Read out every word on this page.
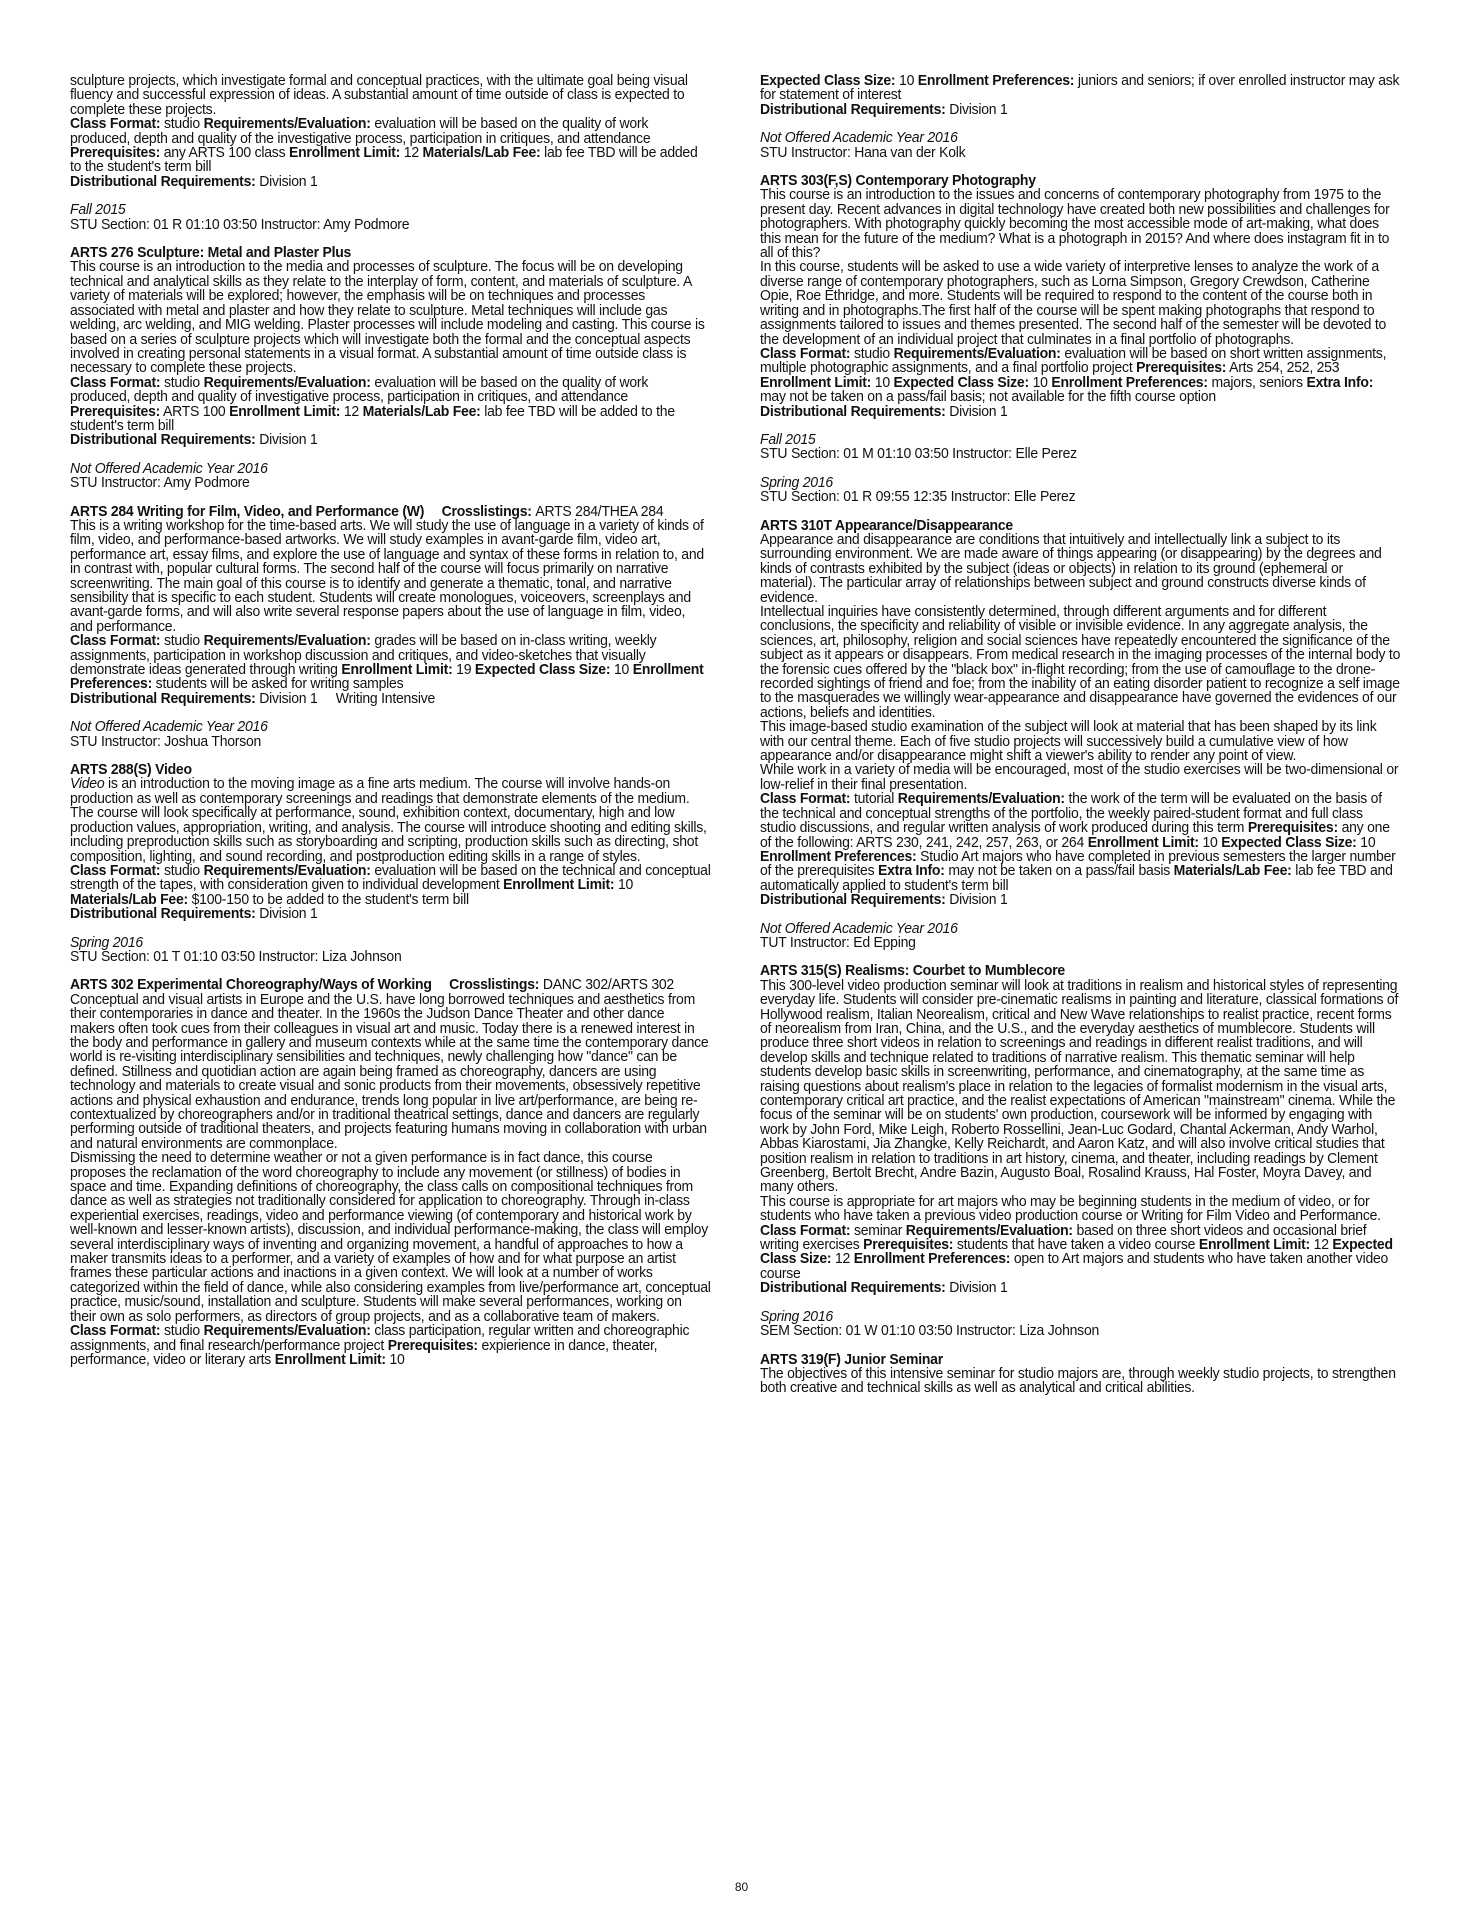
sculpture projects, which investigate formal and conceptual practices, with the ultimate goal being visual fluency and successful expression of ideas. A substantial amount of time outside of class is expected to complete these projects.

Class Format: studio Requirements/Evaluation: evaluation will be based on the quality of work produced, depth and quality of the investigative process, participation in critiques, and attendance Prerequisites: any ARTS 100 class Enrollment Limit: 12 Materials/Lab Fee: lab fee TBD will be added to the student's term bill

Distributional Requirements: Division 1

Fall 2015

STU Section: 01 R 01:10 03:50 Instructor: Amy Podmore

ARTS 276 Sculpture: Metal and Plaster Plus

This course is an introduction to the media and processes of sculpture. The focus will be on developing technical and analytical skills as they relate to the interplay of form, content, and materials of sculpture. A variety of materials will be explored; however, the emphasis will be on techniques and processes associated with metal and plaster and how they relate to sculpture. Metal techniques will include gas welding, arc welding, and MIG welding. Plaster processes will include modeling and casting. This course is based on a series of sculpture projects which will investigate both the formal and the conceptual aspects involved in creating personal statements in a visual format. A substantial amount of time outside class is necessary to complete these projects.

Class Format: studio Requirements/Evaluation: evaluation will be based on the quality of work produced, depth and quality of investigative process, participation in critiques, and attendance Prerequisites: ARTS 100 Enrollment Limit: 12 Materials/Lab Fee: lab fee TBD will be added to the student's term bill

Distributional Requirements: Division 1

Not Offered Academic Year 2016

STU Instructor: Amy Podmore

ARTS 284 Writing for Film, Video, and Performance (W)  Crosslistings: ARTS 284/THEA 284

This is a writing workshop for the time-based arts. We will study the use of language in a variety of kinds of film, video, and performance-based artworks. We will study examples in avant-garde film, video art, performance art, essay films, and explore the use of language and syntax of these forms in relation to, and in contrast with, popular cultural forms. The second half of the course will focus primarily on narrative screenwriting. The main goal of this course is to identify and generate a thematic, tonal, and narrative sensibility that is specific to each student. Students will create monologues, voiceovers, screenplays and avant-garde forms, and will also write several response papers about the use of language in film, video, and performance.

Class Format: studio Requirements/Evaluation: grades will be based on in-class writing, weekly assignments, participation in workshop discussion and critiques, and video-sketches that visually demonstrate ideas generated through writing Enrollment Limit: 19 Expected Class Size: 10 Enrollment Preferences: students will be asked for writing samples

Distributional Requirements: Division 1     Writing Intensive

Not Offered Academic Year 2016

STU Instructor: Joshua Thorson

ARTS 288(S) Video

Video is an introduction to the moving image as a fine arts medium. The course will involve hands-on production as well as contemporary screenings and readings that demonstrate elements of the medium. The course will look specifically at performance, sound, exhibition context, documentary, high and low production values, appropriation, writing, and analysis. The course will introduce shooting and editing skills, including preproduction skills such as storyboarding and scripting, production skills such as directing, shot composition, lighting, and sound recording, and postproduction editing skills in a range of styles.

Class Format: studio Requirements/Evaluation: evaluation will be based on the technical and conceptual strength of the tapes, with consideration given to individual development Enrollment Limit: 10 Materials/Lab Fee: $100-150 to be added to the student's term bill

Distributional Requirements: Division 1

Spring 2016

STU Section: 01 T 01:10 03:50 Instructor: Liza Johnson

ARTS 302 Experimental Choreography/Ways of Working  Crosslistings: DANC 302/ARTS 302

Conceptual and visual artists in Europe and the U.S. have long borrowed techniques and aesthetics from their contemporaries in dance and theater. In the 1960s the Judson Dance Theater and other dance makers often took cues from their colleagues in visual art and music. Today there is a renewed interest in the body and performance in gallery and museum contexts while at the same time the contemporary dance world is re-visiting interdisciplinary sensibilities and techniques, newly challenging how "dance" can be defined. Stillness and quotidian action are again being framed as choreography, dancers are using technology and materials to create visual and sonic products from their movements, obsessively repetitive actions and physical exhaustion and endurance, trends long popular in live art/performance, are being re-contextualized by choreographers and/or in traditional theatrical settings, dance and dancers are regularly performing outside of traditional theaters, and projects featuring humans moving in collaboration with urban and natural environments are commonplace.

Dismissing the need to determine weather or not a given performance is in fact dance, this course proposes the reclamation of the word choreography to include any movement (or stillness) of bodies in space and time. Expanding definitions of choreography, the class calls on compositional techniques from dance as well as strategies not traditionally considered for application to choreography. Through in-class experiential exercises, readings, video and performance viewing (of contemporary and historical work by well-known and lesser-known artists), discussion, and individual performance-making, the class will employ several interdisciplinary ways of inventing and organizing movement, a handful of approaches to how a maker transmits ideas to a performer, and a variety of examples of how and for what purpose an artist frames these particular actions and inactions in a given context. We will look at a number of works categorized within the field of dance, while also considering examples from live/performance art, conceptual practice, music/sound, installation and sculpture. Students will make several performances, working on their own as solo performers, as directors of group projects, and as a collaborative team of makers.

Class Format: studio Requirements/Evaluation: class participation, regular written and choreographic assignments, and final research/performance project Prerequisites: expierience in dance, theater, performance, video or literary arts Enrollment Limit: 10

Expected Class Size: 10 Enrollment Preferences: juniors and seniors; if over enrolled instructor may ask for statement of interest

Distributional Requirements: Division 1

Not Offered Academic Year 2016

STU Instructor: Hana van der Kolk

ARTS 303(F,S) Contemporary Photography

This course is an introduction to the issues and concerns of contemporary photography from 1975 to the present day. Recent advances in digital technology have created both new possibilities and challenges for photographers. With photography quickly becoming the most accessible mode of art-making, what does this mean for the future of the medium? What is a photograph in 2015? And where does instagram fit in to all of this?

In this course, students will be asked to use a wide variety of interpretive lenses to analyze the work of a diverse range of contemporary photographers, such as Lorna Simpson, Gregory Crewdson, Catherine Opie, Roe Ethridge, and more. Students will be required to respond to the content of the course both in writing and in photographs.The first half of the course will be spent making photographs that respond to assignments tailored to issues and themes presented. The second half of the semester will be devoted to the development of an individual project that culminates in a final portfolio of photographs.

Class Format: studio Requirements/Evaluation: evaluation will be based on short written assignments, multiple photographic assignments, and a final portfolio project Prerequisites: Arts 254, 252, 253 Enrollment Limit: 10 Expected Class Size: 10 Enrollment Preferences: majors, seniors Extra Info: may not be taken on a pass/fail basis; not available for the fifth course option

Distributional Requirements: Division 1

Fall 2015

STU Section: 01 M 01:10 03:50 Instructor: Elle Perez

Spring 2016

STU Section: 01 R 09:55 12:35 Instructor: Elle Perez

ARTS 310T Appearance/Disappearance

Appearance and disappearance are conditions that intuitively and intellectually link a subject to its surrounding environment. We are made aware of things appearing (or disappearing) by the degrees and kinds of contrasts exhibited by the subject (ideas or objects) in relation to its ground (ephemeral or material). The particular array of relationships between subject and ground constructs diverse kinds of evidence.

Intellectual inquiries have consistently determined, through different arguments and for different conclusions, the specificity and reliability of visible or invisible evidence. In any aggregate analysis, the sciences, art, philosophy, religion and social sciences have repeatedly encountered the significance of the subject as it appears or disappears. From medical research in the imaging processes of the internal body to the forensic cues offered by the "black box" in-flight recording; from the use of camouflage to the drone-recorded sightings of friend and foe; from the inability of an eating disorder patient to recognize a self image to the masquerades we willingly wear-appearance and disappearance have governed the evidences of our actions, beliefs and identities.

This image-based studio examination of the subject will look at material that has been shaped by its link with our central theme. Each of five studio projects will successively build a cumulative view of how appearance and/or disappearance might shift a viewer's ability to render any point of view.

While work in a variety of media will be encouraged, most of the studio exercises will be two-dimensional or low-relief in their final presentation.

Class Format: tutorial Requirements/Evaluation: the work of the term will be evaluated on the basis of the technical and conceptual strengths of the portfolio, the weekly paired-student format and full class studio discussions, and regular written analysis of work produced during this term Prerequisites: any one of the following: ARTS 230, 241, 242, 257, 263, or 264 Enrollment Limit: 10 Expected Class Size: 10 Enrollment Preferences: Studio Art majors who have completed in previous semesters the larger number of the prerequisites Extra Info: may not be taken on a pass/fail basis Materials/Lab Fee: lab fee TBD and automatically applied to student's term bill

Distributional Requirements: Division 1

Not Offered Academic Year 2016

TUT Instructor: Ed Epping

ARTS 315(S) Realisms: Courbet to Mumblecore

This 300-level video production seminar will look at traditions in realism and historical styles of representing everyday life. Students will consider pre-cinematic realisms in painting and literature, classical formations of Hollywood realism, Italian Neorealism, critical and New Wave relationships to realist practice, recent forms of neorealism from Iran, China, and the U.S., and the everyday aesthetics of mumblecore. Students will produce three short videos in relation to screenings and readings in different realist traditions, and will develop skills and technique related to traditions of narrative realism. This thematic seminar will help students develop basic skills in screenwriting, performance, and cinematography, at the same time as raising questions about realism's place in relation to the legacies of formalist modernism in the visual arts, contemporary critical art practice, and the realist expectations of American "mainstream" cinema. While the focus of the seminar will be on students' own production, coursework will be informed by engaging with work by John Ford, Mike Leigh, Roberto Rossellini, Jean-Luc Godard, Chantal Ackerman, Andy Warhol, Abbas Kiarostami, Jia Zhangke, Kelly Reichardt, and Aaron Katz, and will also involve critical studies that position realism in relation to traditions in art history, cinema, and theater, including readings by Clement Greenberg, Bertolt Brecht, Andre Bazin, Augusto Boal, Rosalind Krauss, Hal Foster, Moyra Davey, and many others.

This course is appropriate for art majors who may be beginning students in the medium of video, or for students who have taken a previous video production course or Writing for Film Video and Performance.

Class Format: seminar Requirements/Evaluation: based on three short videos and occasional brief writing exercises Prerequisites: students that have taken a video course Enrollment Limit: 12 Expected Class Size: 12 Enrollment Preferences: open to Art majors and students who have taken another video course

Distributional Requirements: Division 1

Spring 2016

SEM Section: 01 W 01:10 03:50 Instructor: Liza Johnson

ARTS 319(F) Junior Seminar

The objectives of this intensive seminar for studio majors are, through weekly studio projects, to strengthen both creative and technical skills as well as analytical and critical abilities.

80
